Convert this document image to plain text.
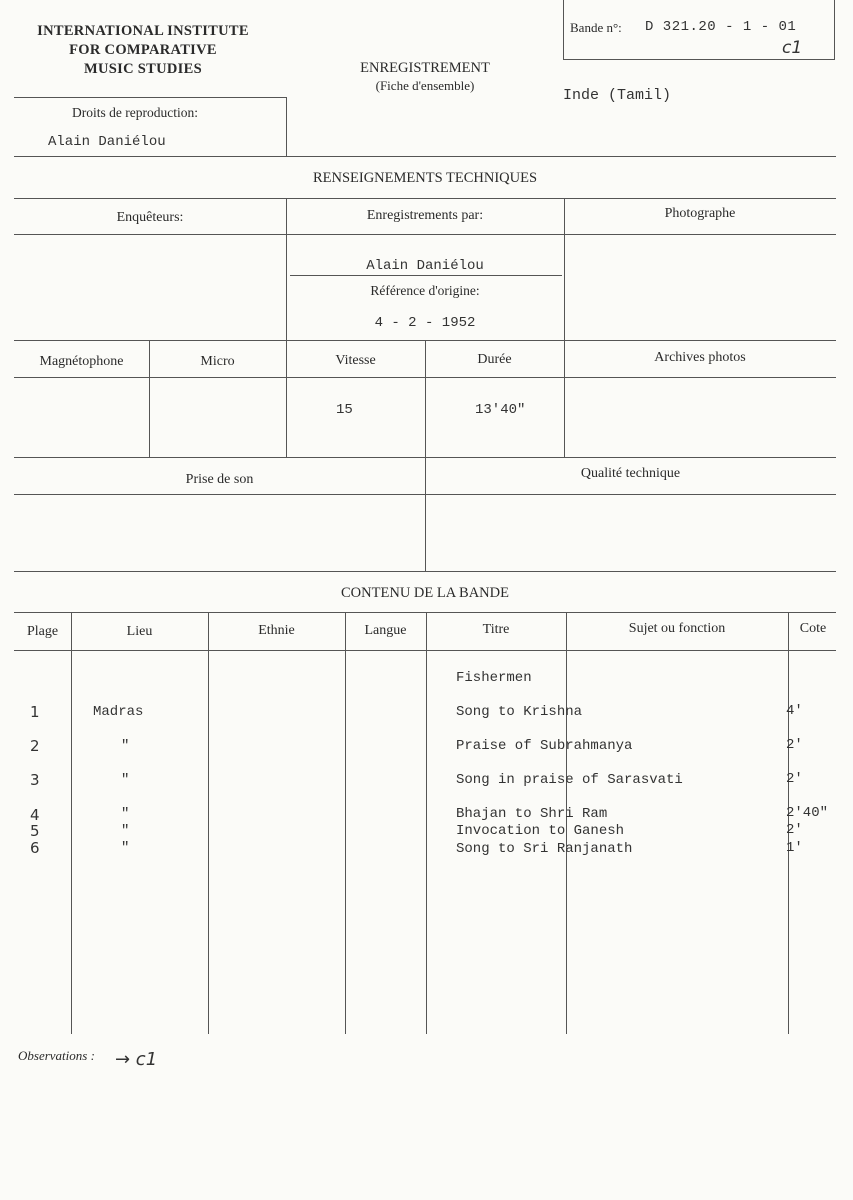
INTERNATIONAL INSTITUTE
FOR COMPARATIVE
MUSIC STUDIES	ENREGISTREMENT
(Fiche d'ensemble)
Bande n°: D 321.20 - 1 - 01
c1
Inde (Tamil)
Droits de reproduction:
Alain Daniélou
RENSEIGNEMENTS TECHNIQUES
Enquêteurs:	Enregistrements par:	Photographe
Alain Daniélou
Référence d'origine:
4 - 2 - 1952
Magnétophone	Micro	Vitesse	Durée	Archives photos
15	13'40"
Prise de son	Qualité technique
CONTENU DE LA BANDE
Plage	Lieu	Ethnie	Langue	Titre	Sujet ou fonction	Cote
Fishermen
1	Madras	Song to Krishna	4'
2	"	Praise of Subrahmanya	2'
3	"	Song in praise of Sarasvati	2'
4	"	Bhajan to Shri Ram	2'40"
5	"	Invocation to Ganesh	2'
6	"	Song to Sri Ranjanath	1'
Observations : → c1
